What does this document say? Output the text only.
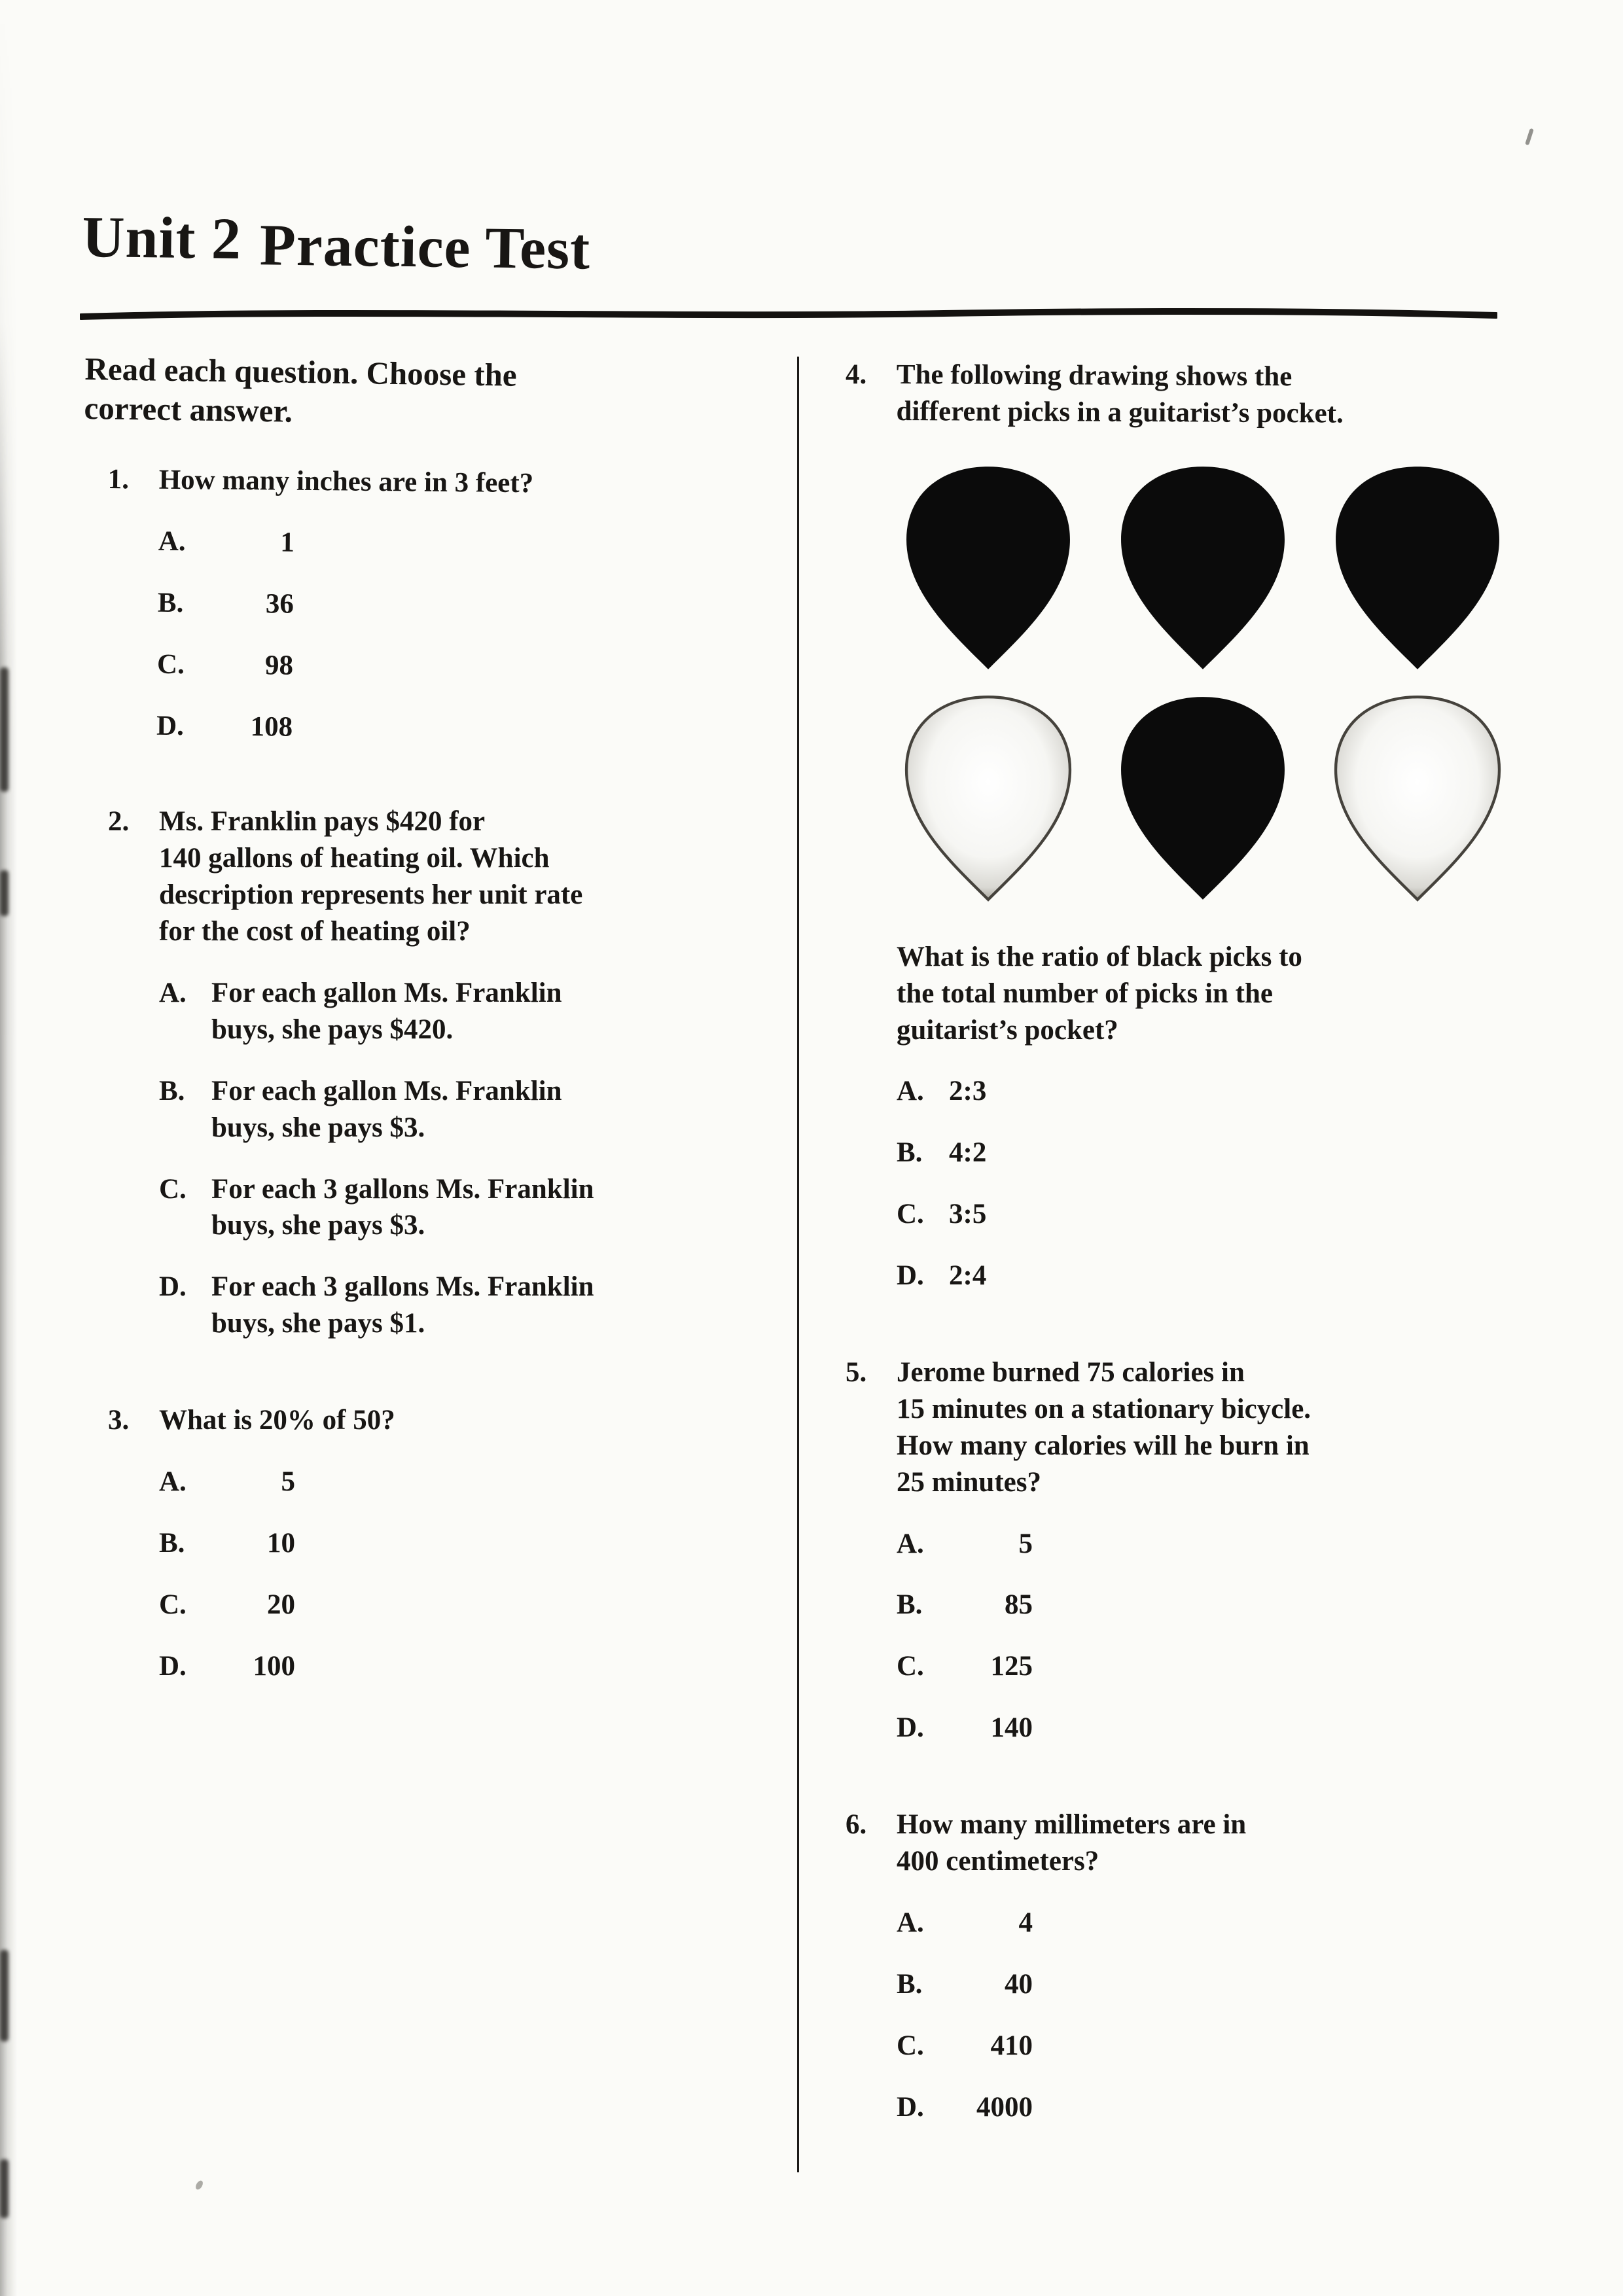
Unit 2 Practice Test
Read each question. Choose the
correct answer.
1.	How many inches are in 3 feet?
A.	1
B.	36
C.	98
D.	108
2.	Ms. Franklin pays $420 for
140 gallons of heating oil. Which
description represents her unit rate
for the cost of heating oil?
A. For each gallon Ms. Franklin
buys, she pays $420.
B. For each gallon Ms. Franklin
buys, she pays $3.
C. For each 3 gallons Ms. Franklin
buys, she pays $3.
D. For each 3 gallons Ms. Franklin
buys, she pays $1.
3.	What is 20% of 50?
A.	5
B.	10
C.	20
D.	100
4.	The following drawing shows the
different picks in a guitarist’s pocket.
What is the ratio of black picks to
the total number of picks in the
guitarist’s pocket?
A. 2:3
B. 4:2
C. 3:5
D. 2:4
5.	Jerome burned 75 calories in
15 minutes on a stationary bicycle.
How many calories will he burn in
25 minutes?
A.	5
B.	85
C.	125
D.	140
6.	How many millimeters are in
400 centimeters?
A.	4
B.	40
C.	410
D.	4000
